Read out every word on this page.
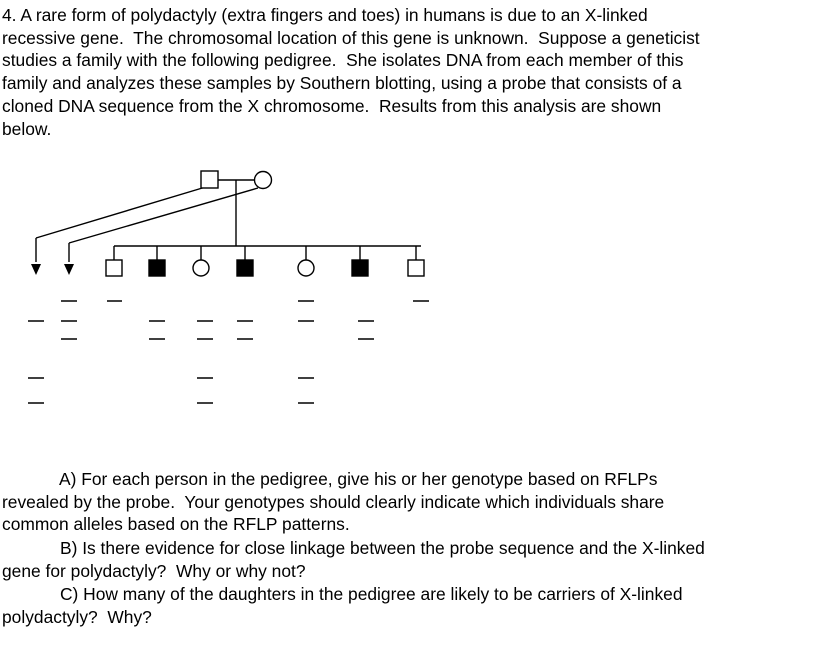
4. A rare form of polydactyly (extra fingers and toes) in humans is due to an X-linked
recessive gene.  The chromosomal location of this gene is unknown.  Suppose a geneticist
studies a family with the following pedigree.  She isolates DNA from each member of this
family and analyzes these samples by Southern blotting, using a probe that consists of a
cloned DNA sequence from the X chromosome.  Results from this analysis are shown
below.
A) For each person in the pedigree, give his or her genotype based on RFLPs
revealed by the probe.  Your genotypes should clearly indicate which individuals share
common alleles based on the RFLP patterns.
B) Is there evidence for close linkage between the probe sequence and the X-linked
gene for polydactyly?  Why or why not?
C) How many of the daughters in the pedigree are likely to be carriers of X-linked
polydactyly?  Why?
